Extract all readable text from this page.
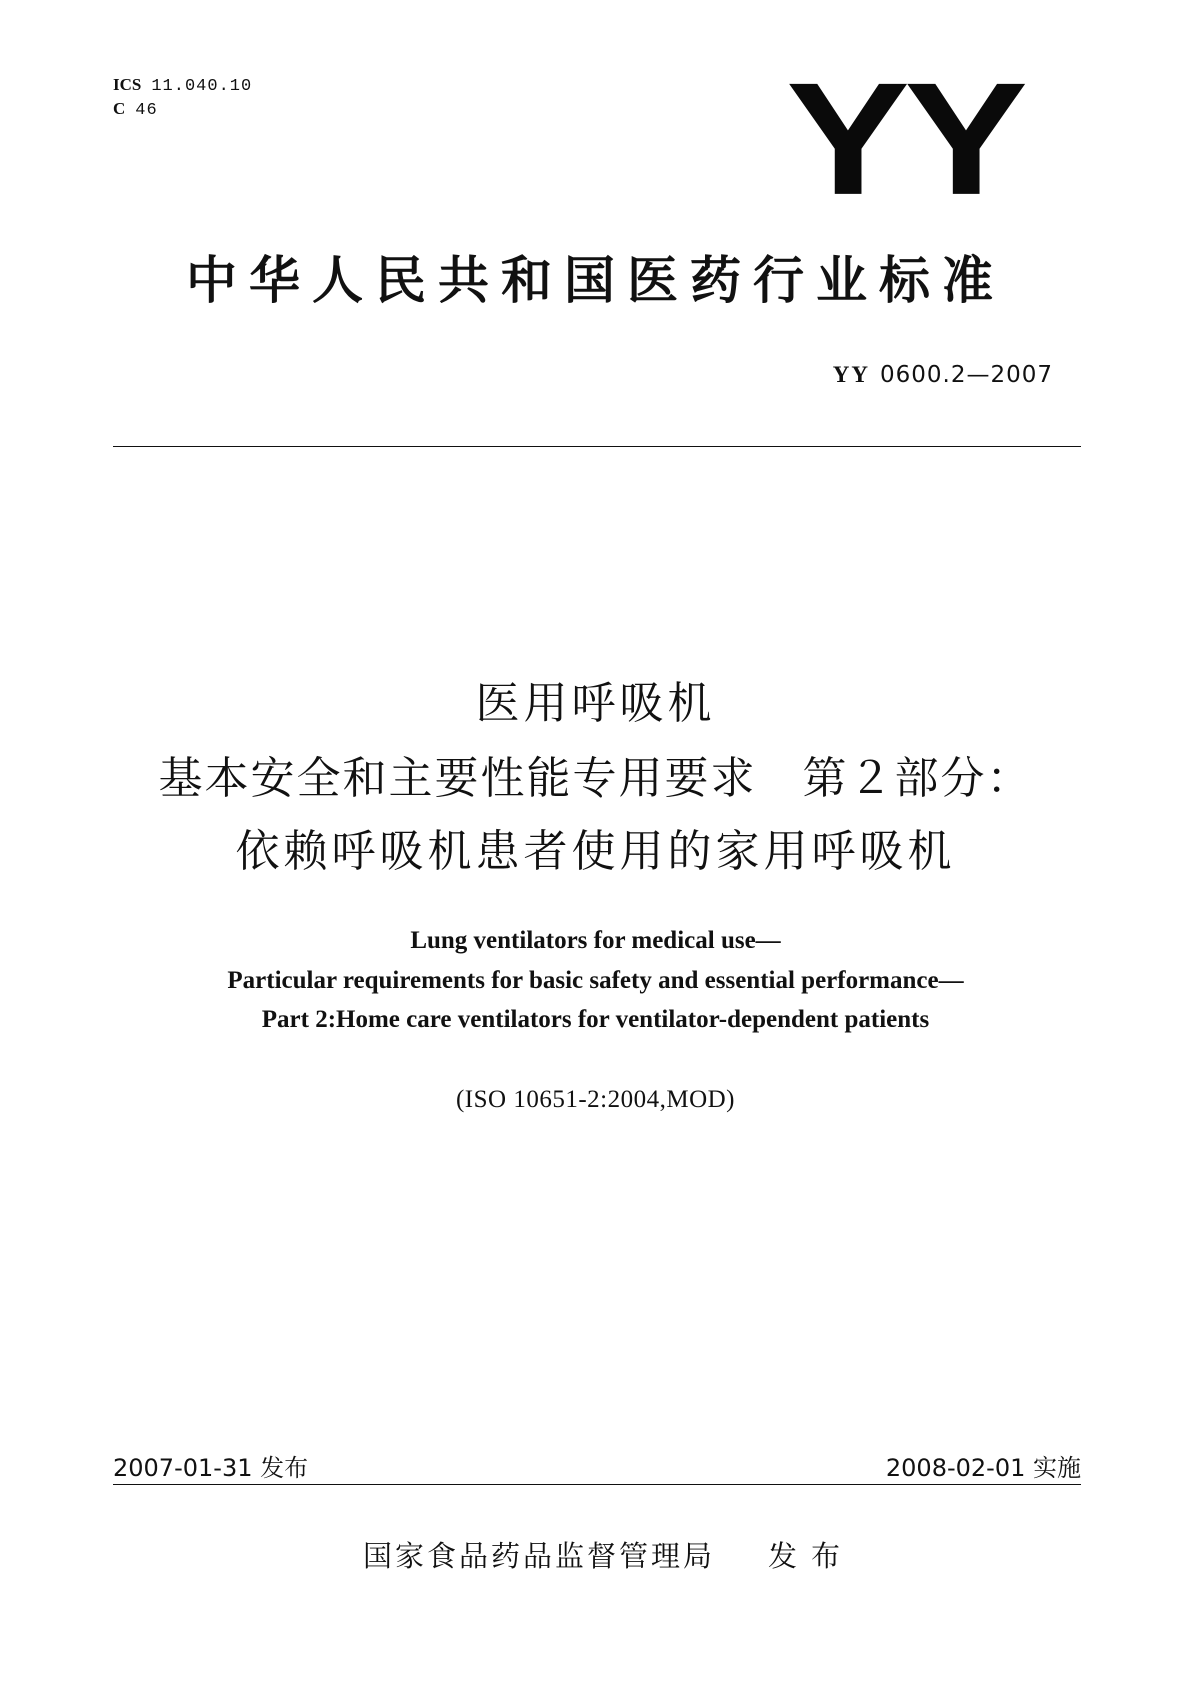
ICS 11.040.10
C 46	YY
中华人民共和国医药行业标准
YY 0600.2—2007
医用呼吸机
基本安全和主要性能专用要求　第２部分：
依赖呼吸机患者使用的家用呼吸机
Lung ventilators for medical use—
Particular requirements for basic safety and essential performance—
Part 2:Home care ventilators for ventilator-dependent patients
(ISO 10651-2:2004,MOD)
2007-01-31 发布	2008-02-01 实施
国家食品药品监督管理局 发布
